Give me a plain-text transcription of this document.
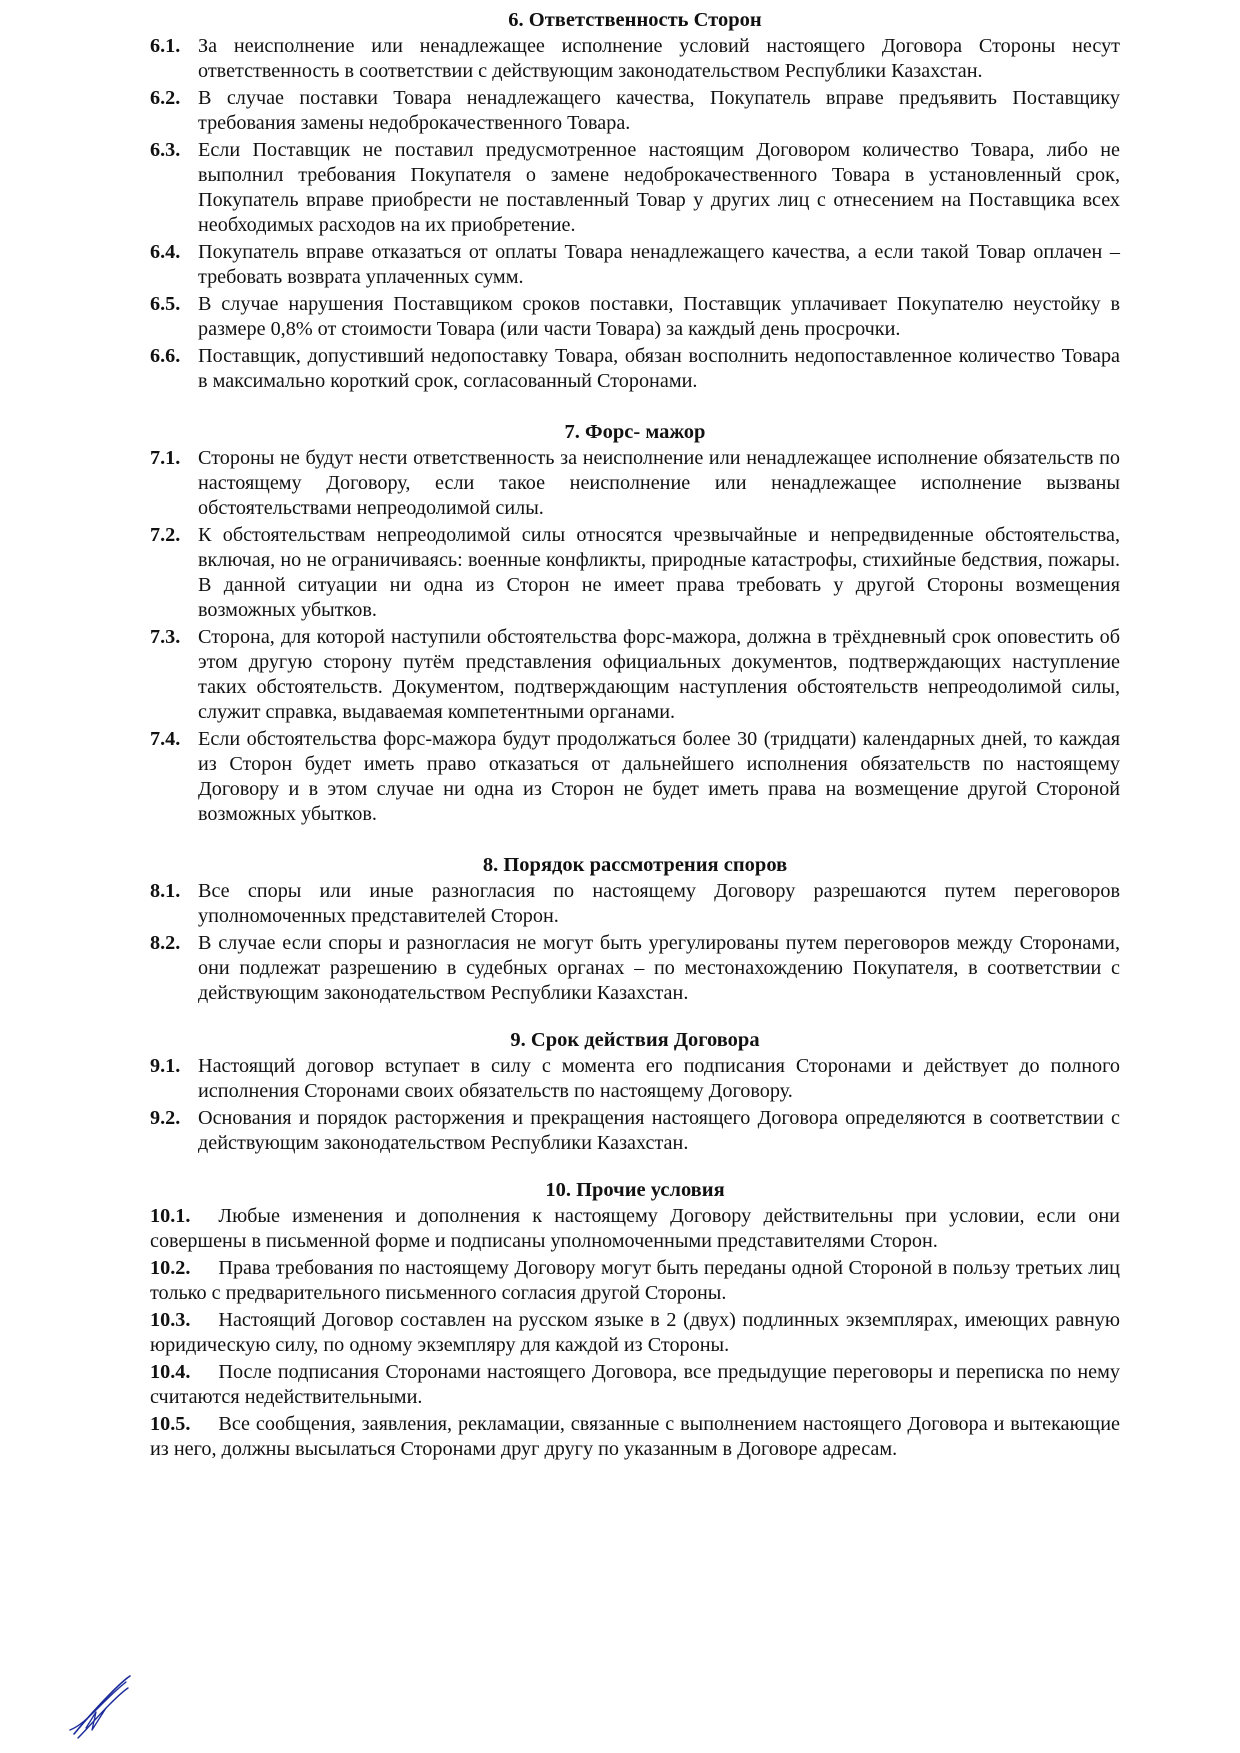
6. Ответственность Сторон
6.1. За неисполнение или ненадлежащее исполнение условий настоящего Договора Стороны несут ответственность в соответствии с действующим законодательством Республики Казахстан.
6.2. В случае поставки Товара ненадлежащего качества, Покупатель вправе предъявить Поставщику требования замены недоброкачественного Товара.
6.3. Если Поставщик не поставил предусмотренное настоящим Договором количество Товара, либо не выполнил требования Покупателя о замене недоброкачественного Товара в установленный срок, Покупатель вправе приобрести не поставленный Товар у других лиц с отнесением на Поставщика всех необходимых расходов на их приобретение.
6.4. Покупатель вправе отказаться от оплаты Товара ненадлежащего качества, а если такой Товар оплачен – требовать возврата уплаченных сумм.
6.5. В случае нарушения Поставщиком сроков поставки, Поставщик уплачивает Покупателю неустойку в размере 0,8% от стоимости Товара (или части Товара) за каждый день просрочки.
6.6. Поставщик, допустивший недопоставку Товара, обязан восполнить недопоставленное количество Товара в максимально короткий срок, согласованный Сторонами.
7. Форс- мажор
7.1. Стороны не будут нести ответственность за неисполнение или ненадлежащее исполнение обязательств по настоящему Договору, если такое неисполнение или ненадлежащее исполнение вызваны обстоятельствами непреодолимой силы.
7.2. К обстоятельствам непреодолимой силы относятся чрезвычайные и непредвиденные обстоятельства, включая, но не ограничиваясь: военные конфликты, природные катастрофы, стихийные бедствия, пожары. В данной ситуации ни одна из Сторон не имеет права требовать у другой Стороны возмещения возможных убытков.
7.3. Сторона, для которой наступили обстоятельства форс-мажора, должна в трёхдневный срок оповестить об этом другую сторону путём представления официальных документов, подтверждающих наступление таких обстоятельств. Документом, подтверждающим наступления обстоятельств непреодолимой силы, служит справка, выдаваемая компетентными органами.
7.4. Если обстоятельства форс-мажора будут продолжаться более 30 (тридцати) календарных дней, то каждая из Сторон будет иметь право отказаться от дальнейшего исполнения обязательств по настоящему Договору и в этом случае ни одна из Сторон не будет иметь права на возмещение другой Стороной возможных убытков.
8. Порядок рассмотрения споров
8.1. Все споры или иные разногласия по настоящему Договору разрешаются путем переговоров уполномоченных представителей Сторон.
8.2. В случае если споры и разногласия не могут быть урегулированы путем переговоров между Сторонами, они подлежат разрешению в судебных органах – по местонахождению Покупателя, в соответствии с действующим законодательством Республики Казахстан.
9. Срок действия Договора
9.1. Настоящий договор вступает в силу с момента его подписания Сторонами и действует до полного исполнения Сторонами своих обязательств по настоящему Договору.
9.2. Основания и порядок расторжения и прекращения настоящего Договора определяются в соответствии с действующим законодательством Республики Казахстан.
10. Прочие условия
10.1. Любые изменения и дополнения к настоящему Договору действительны при условии, если они совершены в письменной форме и подписаны уполномоченными представителями Сторон.
10.2. Права требования по настоящему Договору могут быть переданы одной Стороной в пользу третьих лиц только с предварительного письменного согласия другой Стороны.
10.3. Настоящий Договор составлен на русском языке в 2 (двух) подлинных экземплярах, имеющих равную юридическую силу, по одному экземпляру для каждой из Стороны.
10.4. После подписания Сторонами настоящего Договора, все предыдущие переговоры и переписка по нему считаются недействительными.
10.5. Все сообщения, заявления, рекламации, связанные с выполнением настоящего Договора и вытекающие из него, должны высылаться Сторонами друг другу по указанным в Договоре адресам.
